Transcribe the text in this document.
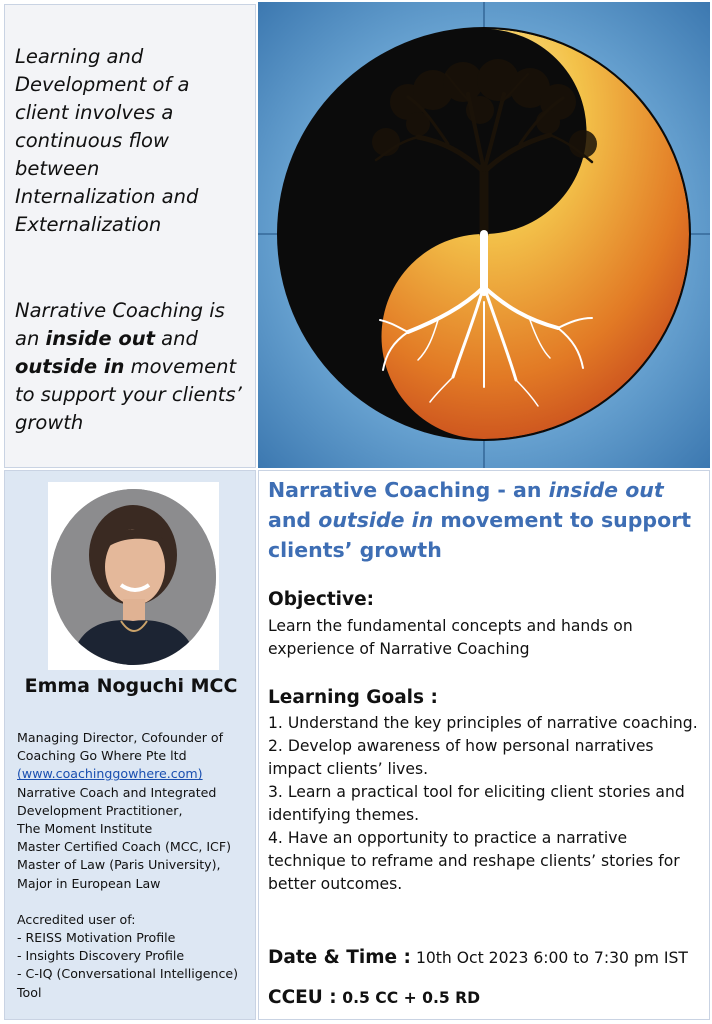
Learning and Development of a client involves a continuous flow between Internalization and Externalization

Narrative Coaching is an inside out and outside in movement to support your clients’ growth

Emma Noguchi MCC
Managing Director, Cofounder of
Coaching Go Where Pte ltd
(www.coachinggowhere.com)
Narrative Coach and Integrated
Development Practitioner,
The Moment Institute
Master Certified Coach (MCC, ICF)
Master of Law (Paris University),
Major in European Law
Accredited user of:
- REISS Motivation Profile
- Insights Discovery Profile
- C-IQ (Conversational Intelligence)
Tool
Narrative Coaching - an inside out and outside in movement to support clients’ growth
Objective:
Learn the fundamental concepts and hands on experience of Narrative Coaching
Learning Goals :
1. Understand the key principles of narrative coaching.
2. Develop awareness of how personal narratives impact clients’ lives.
3. Learn a practical tool for eliciting client stories and identifying themes.
4. Have an opportunity to practice a narrative technique to reframe and reshape clients’ stories for better outcomes.
Date & Time : 10th Oct 2023 6:00 to 7:30 pm IST
CCEU : 0.5 CC + 0.5 RD
